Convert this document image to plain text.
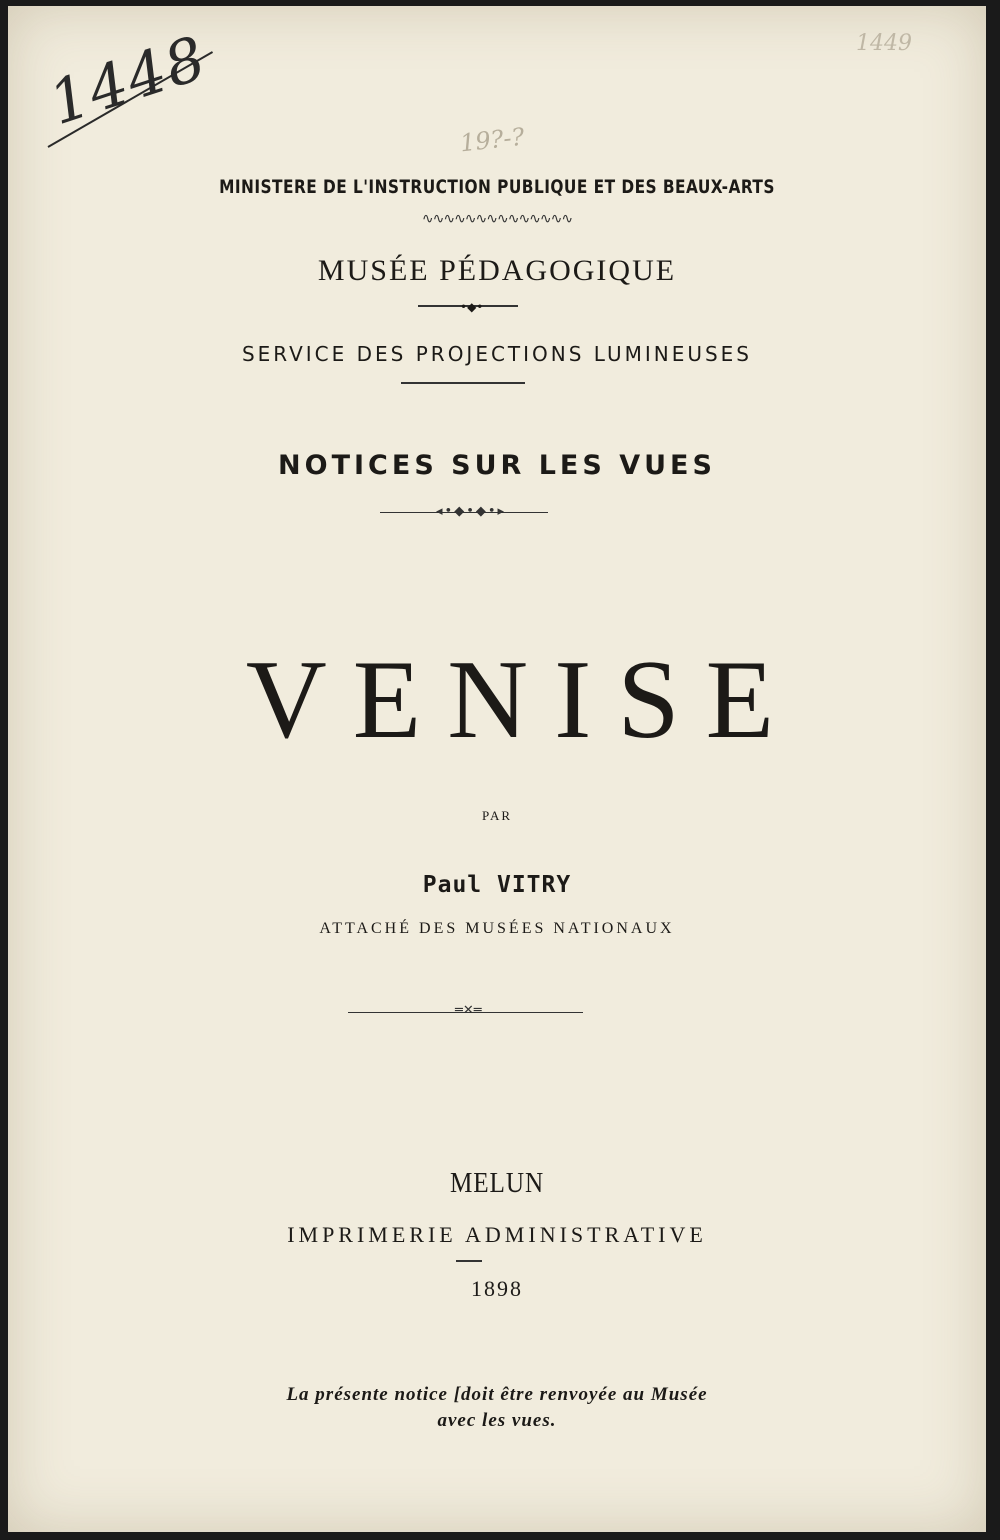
1448
19?-?
1449
MINISTERE DE L'INSTRUCTION PUBLIQUE ET DES BEAUX-ARTS
∿∿∿∿∿∿∿∿∿∿∿∿∿∿
MUSÉE PÉDAGOGIQUE
•◆•
SERVICE DES PROJECTIONS LUMINEUSES
NOTICES SUR LES VUES
◂•◆•◆•▸
VENISE
PAR
Paul VITRY
ATTACHÉ DES MUSÉES NATIONAUX
═✕═
MELUN
IMPRIMERIE ADMINISTRATIVE
1898
La présente notice [doit être renvoyée au Musée
avec les vues.
